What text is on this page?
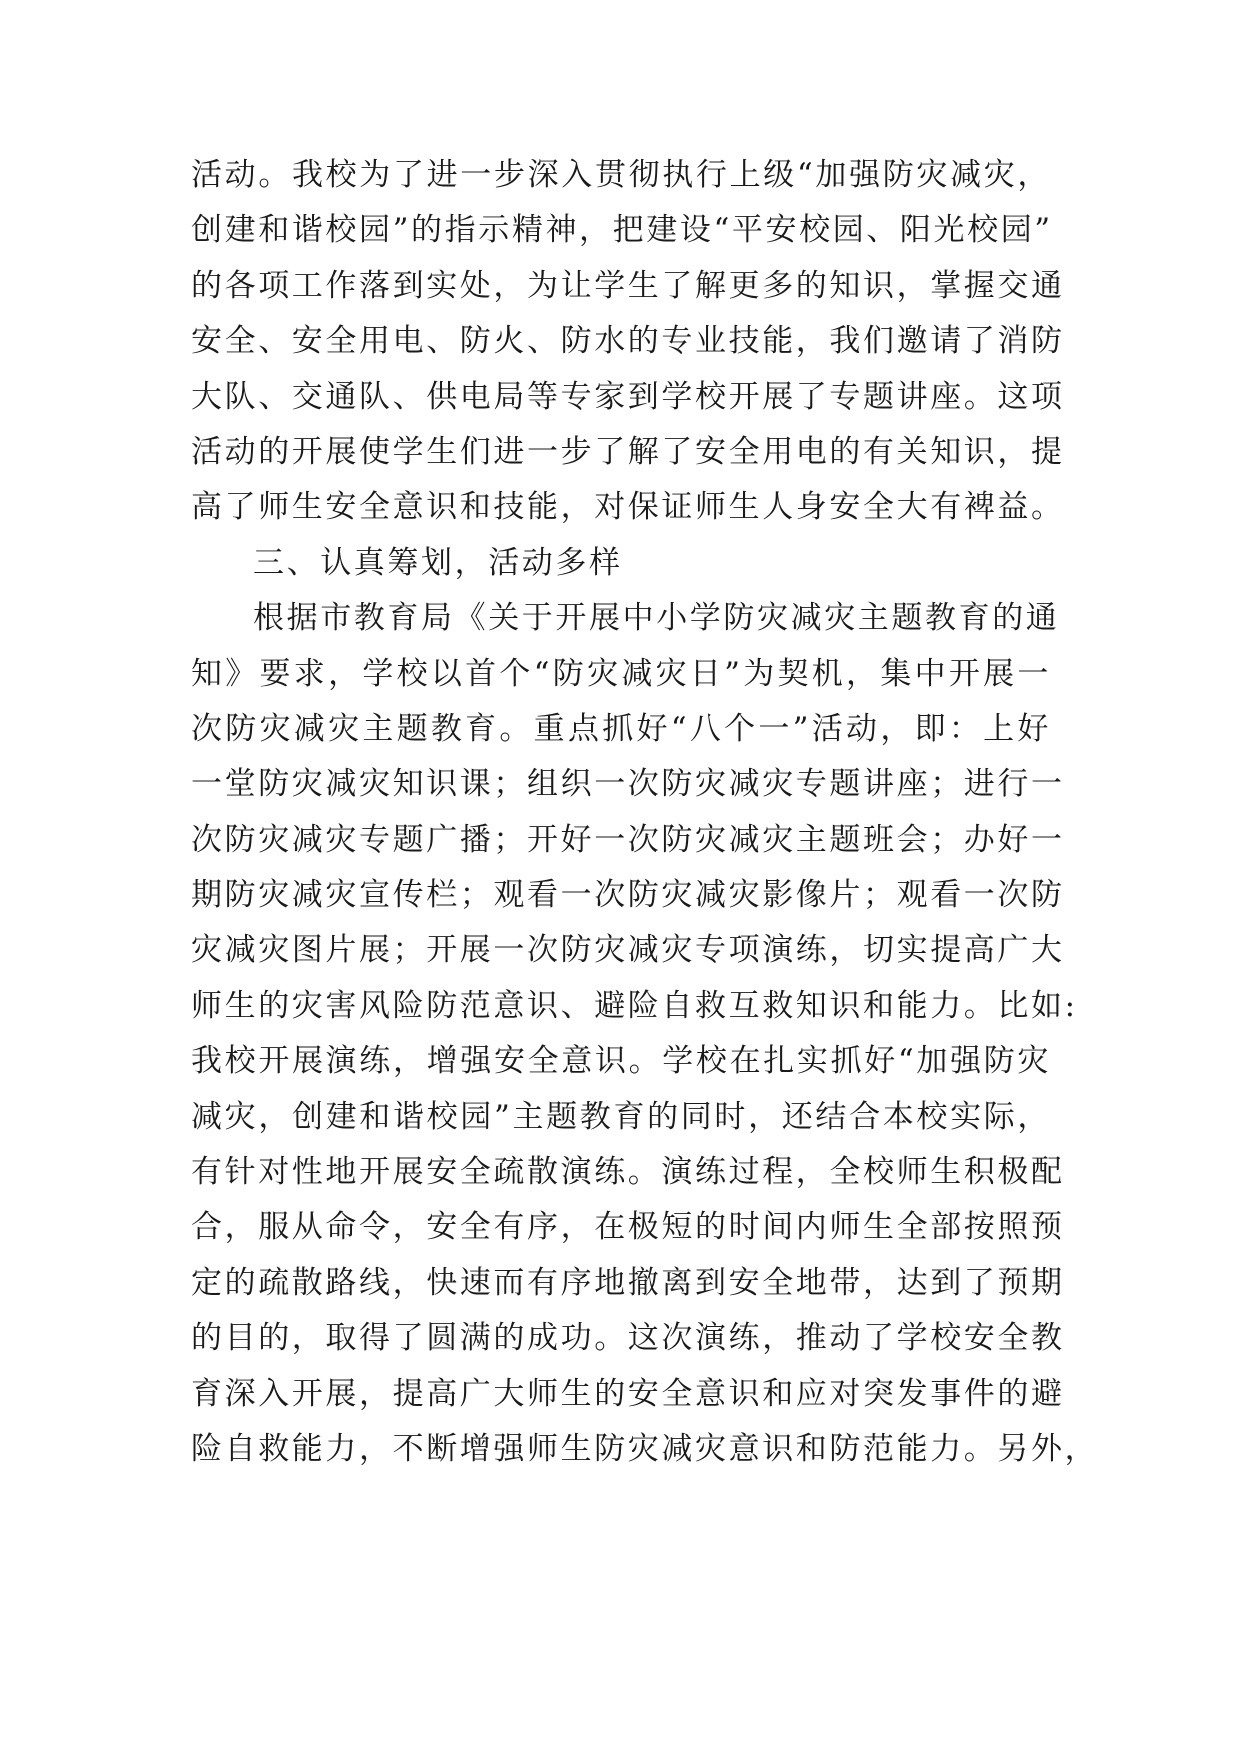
活动。我校为了进一步深入贯彻执行上级“加强防灾减灾，
创建和谐校园”的指示精神，把建设“平安校园、阳光校园”
的各项工作落到实处，为让学生了解更多的知识，掌握交通
安全、安全用电、防火、防水的专业技能，我们邀请了消防
大队、交通队、供电局等专家到学校开展了专题讲座。这项
活动的开展使学生们进一步了解了安全用电的有关知识，提
高了师生安全意识和技能，对保证师生人身安全大有裨益。
三、认真筹划，活动多样
根据市教育局《关于开展中小学防灾减灾主题教育的通
知》要求，学校以首个“防灾减灾日”为契机，集中开展一
次防灾减灾主题教育。重点抓好“八个一”活动，即：上好
一堂防灾减灾知识课；组织一次防灾减灾专题讲座；进行一
次防灾减灾专题广播；开好一次防灾减灾主题班会；办好一
期防灾减灾宣传栏；观看一次防灾减灾影像片；观看一次防
灾减灾图片展；开展一次防灾减灾专项演练，切实提高广大
师生的灾害风险防范意识、避险自救互救知识和能力。比如:
我校开展演练，增强安全意识。学校在扎实抓好“加强防灾
减灾，创建和谐校园”主题教育的同时，还结合本校实际，
有针对性地开展安全疏散演练。演练过程，全校师生积极配
合，服从命令，安全有序，在极短的时间内师生全部按照预
定的疏散路线，快速而有序地撤离到安全地带，达到了预期
的目的，取得了圆满的成功。这次演练，推动了学校安全教
育深入开展，提高广大师生的安全意识和应对突发事件的避
险自救能力，不断增强师生防灾减灾意识和防范能力。另外，
